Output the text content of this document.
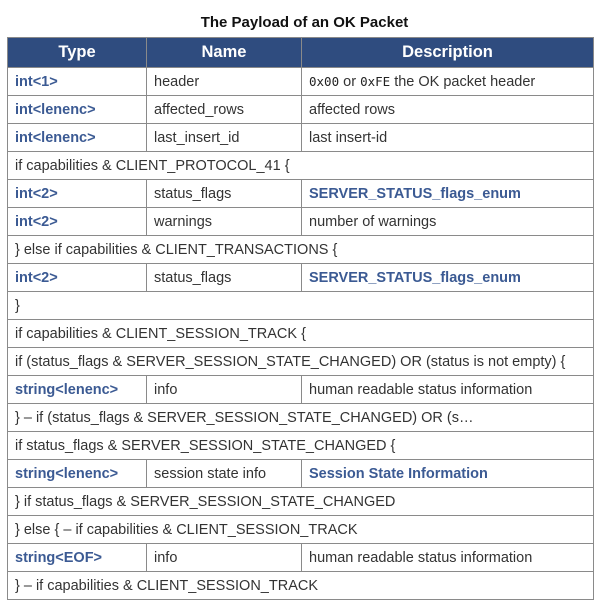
The Payload of an OK Packet
Type	Name	Description
int<1>	header	0x00 or 0xFE the OK packet header
int<lenenc>	affected_rows	affected rows
int<lenenc>	last_insert_id	last insert-id
if capabilities & CLIENT_PROTOCOL_41 {		
int<2>	status_flags	SERVER_STATUS_flags_enum
int<2>	warnings	number of warnings
} else if capabilities & CLIENT_TRANSACTIONS {		
int<2>	status_flags	SERVER_STATUS_flags_enum
}		
if capabilities & CLIENT_SESSION_TRACK {		
if (status_flags & SERVER_SESSION_STATE_CHANGED) OR (status is not empty) {		
string<lenenc>	info	human readable status information
} – if (status_flags & SERVER_SESSION_STATE_CHANGED) OR (s…		
if status_flags & SERVER_SESSION_STATE_CHANGED {		
string<lenenc>	session state info	Session State Information
} if status_flags & SERVER_SESSION_STATE_CHANGED		
} else { – if capabilities & CLIENT_SESSION_TRACK		
string<EOF>	info	human readable status information
} – if capabilities & CLIENT_SESSION_TRACK		
